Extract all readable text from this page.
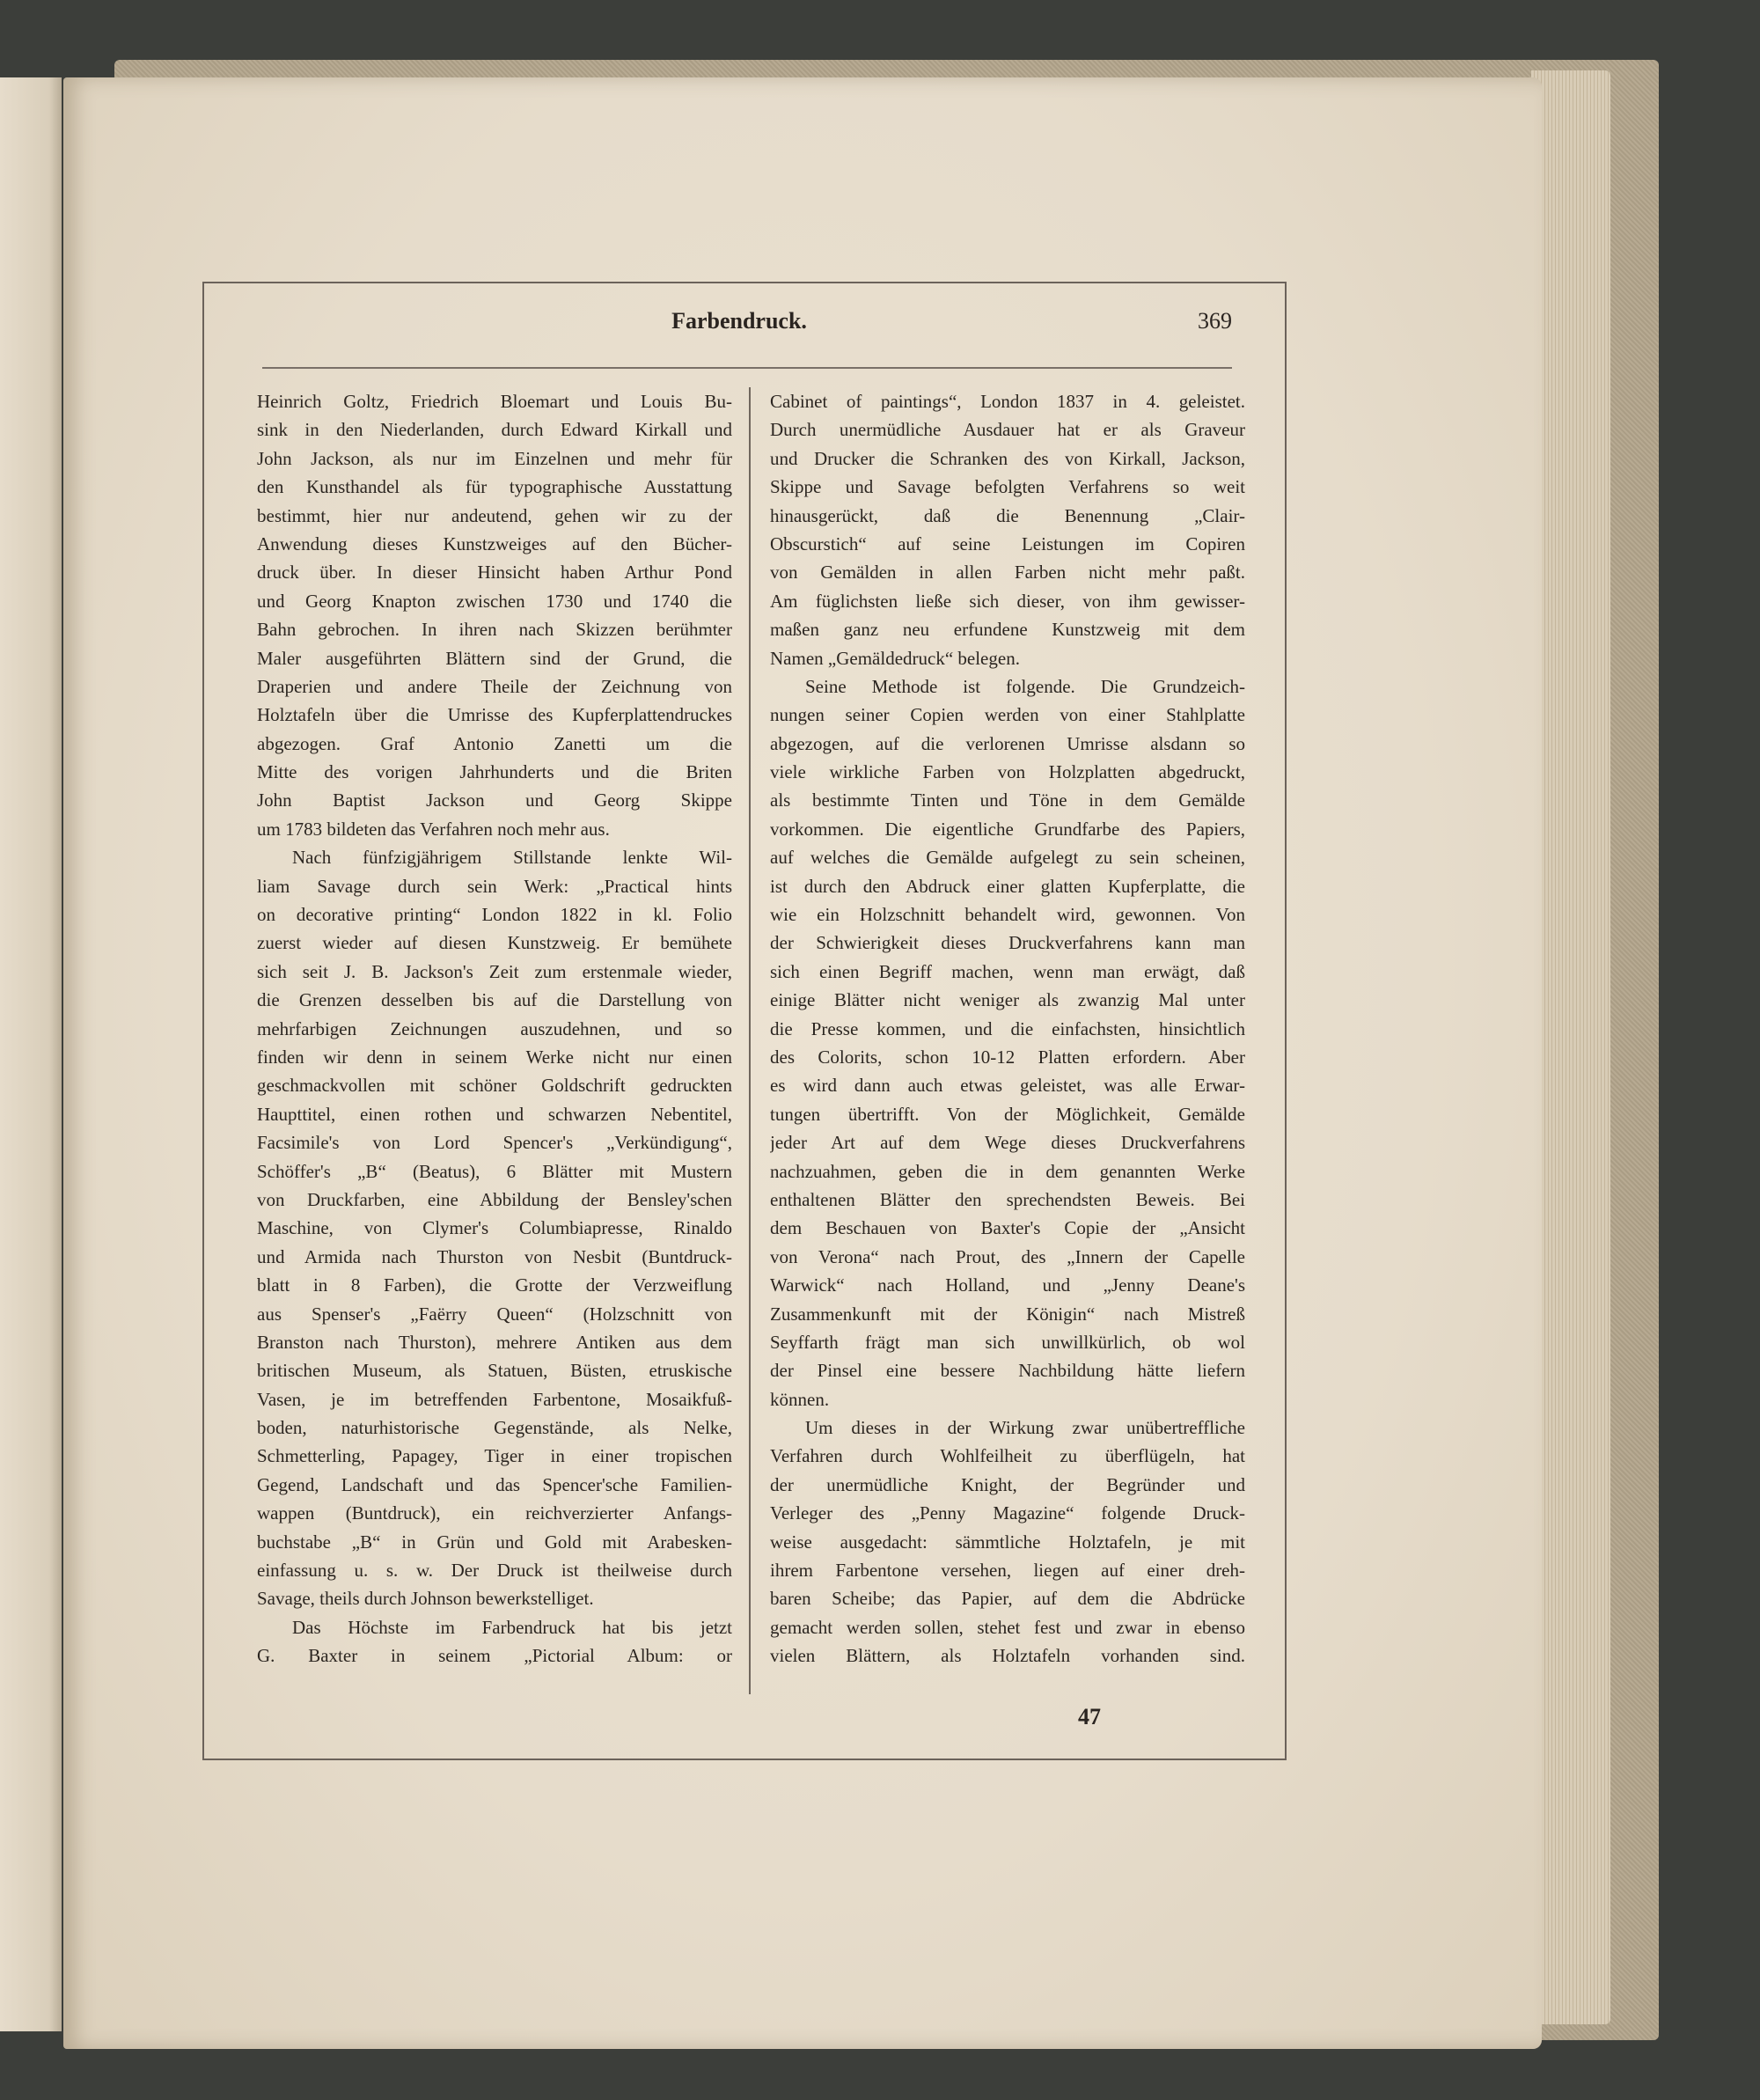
Farbendruck.	369
Heinrich Goltz, Friedrich Bloemart und Louis Bu-
sink in den Niederlanden, durch Edward Kirkall und
John Jackson, als nur im Einzelnen und mehr für
den Kunsthandel als für typographische Ausstattung
bestimmt, hier nur andeutend, gehen wir zu der
Anwendung dieses Kunstzweiges auf den Bücher-
druck über. In dieser Hinsicht haben Arthur Pond
und Georg Knapton zwischen 1730 und 1740 die
Bahn gebrochen. In ihren nach Skizzen berühmter
Maler ausgeführten Blättern sind der Grund, die
Draperien und andere Theile der Zeichnung von
Holztafeln über die Umrisse des Kupferplattendruckes
abgezogen. Graf Antonio Zanetti um die
Mitte des vorigen Jahrhunderts und die Briten
John Baptist Jackson und Georg Skippe
um 1783 bildeten das Verfahren noch mehr aus.
Nach fünfzigjährigem Stillstande lenkte Wil-
liam Savage durch sein Werk: „Practical hints
on decorative printing“ London 1822 in kl. Folio
zuerst wieder auf diesen Kunstzweig. Er bemühete
sich seit J. B. Jackson's Zeit zum erstenmale wieder,
die Grenzen desselben bis auf die Darstellung von
mehrfarbigen Zeichnungen auszudehnen, und so
finden wir denn in seinem Werke nicht nur einen
geschmackvollen mit schöner Goldschrift gedruckten
Haupttitel, einen rothen und schwarzen Nebentitel,
Facsimile's von Lord Spencer's „Verkündigung“,
Schöffer's „B“ (Beatus), 6 Blätter mit Mustern
von Druckfarben, eine Abbildung der Bensley'schen
Maschine, von Clymer's Columbiapresse, Rinaldo
und Armida nach Thurston von Nesbit (Buntdruck-
blatt in 8 Farben), die Grotte der Verzweiflung
aus Spenser's „Faërry Queen“ (Holzschnitt von
Branston nach Thurston), mehrere Antiken aus dem
britischen Museum, als Statuen, Büsten, etruskische
Vasen, je im betreffenden Farbentone, Mosaikfuß-
boden, naturhistorische Gegenstände, als Nelke,
Schmetterling, Papagey, Tiger in einer tropischen
Gegend, Landschaft und das Spencer'sche Familien-
wappen (Buntdruck), ein reichverzierter Anfangs-
buchstabe „B“ in Grün und Gold mit Arabesken-
einfassung u. s. w. Der Druck ist theilweise durch
Savage, theils durch Johnson bewerkstelliget.
Das Höchste im Farbendruck hat bis jetzt
G. Baxter in seinem „Pictorial Album: or
Cabinet of paintings“, London 1837 in 4. geleistet.
Durch unermüdliche Ausdauer hat er als Graveur
und Drucker die Schranken des von Kirkall, Jackson,
Skippe und Savage befolgten Verfahrens so weit
hinausgerückt, daß die Benennung „Clair-
Obscurstich“ auf seine Leistungen im Copiren
von Gemälden in allen Farben nicht mehr paßt.
Am füglichsten ließe sich dieser, von ihm gewisser-
maßen ganz neu erfundene Kunstzweig mit dem
Namen „Gemäldedruck“ belegen.
Seine Methode ist folgende. Die Grundzeich-
nungen seiner Copien werden von einer Stahlplatte
abgezogen, auf die verlorenen Umrisse alsdann so
viele wirkliche Farben von Holzplatten abgedruckt,
als bestimmte Tinten und Töne in dem Gemälde
vorkommen. Die eigentliche Grundfarbe des Papiers,
auf welches die Gemälde aufgelegt zu sein scheinen,
ist durch den Abdruck einer glatten Kupferplatte, die
wie ein Holzschnitt behandelt wird, gewonnen. Von
der Schwierigkeit dieses Druckverfahrens kann man
sich einen Begriff machen, wenn man erwägt, daß
einige Blätter nicht weniger als zwanzig Mal unter
die Presse kommen, und die einfachsten, hinsichtlich
des Colorits, schon 10-12 Platten erfordern. Aber
es wird dann auch etwas geleistet, was alle Erwar-
tungen übertrifft. Von der Möglichkeit, Gemälde
jeder Art auf dem Wege dieses Druckverfahrens
nachzuahmen, geben die in dem genannten Werke
enthaltenen Blätter den sprechendsten Beweis. Bei
dem Beschauen von Baxter's Copie der „Ansicht
von Verona“ nach Prout, des „Innern der Capelle
Warwick“ nach Holland, und „Jenny Deane's
Zusammenkunft mit der Königin“ nach Mistreß
Seyffarth frägt man sich unwillkürlich, ob wol
der Pinsel eine bessere Nachbildung hätte liefern
können.
Um dieses in der Wirkung zwar unübertreffliche
Verfahren durch Wohlfeilheit zu überflügeln, hat
der unermüdliche Knight, der Begründer und
Verleger des „Penny Magazine“ folgende Druck-
weise ausgedacht: sämmtliche Holztafeln, je mit
ihrem Farbentone versehen, liegen auf einer dreh-
baren Scheibe; das Papier, auf dem die Abdrücke
gemacht werden sollen, stehet fest und zwar in ebenso
vielen Blättern, als Holztafeln vorhanden sind.
47
